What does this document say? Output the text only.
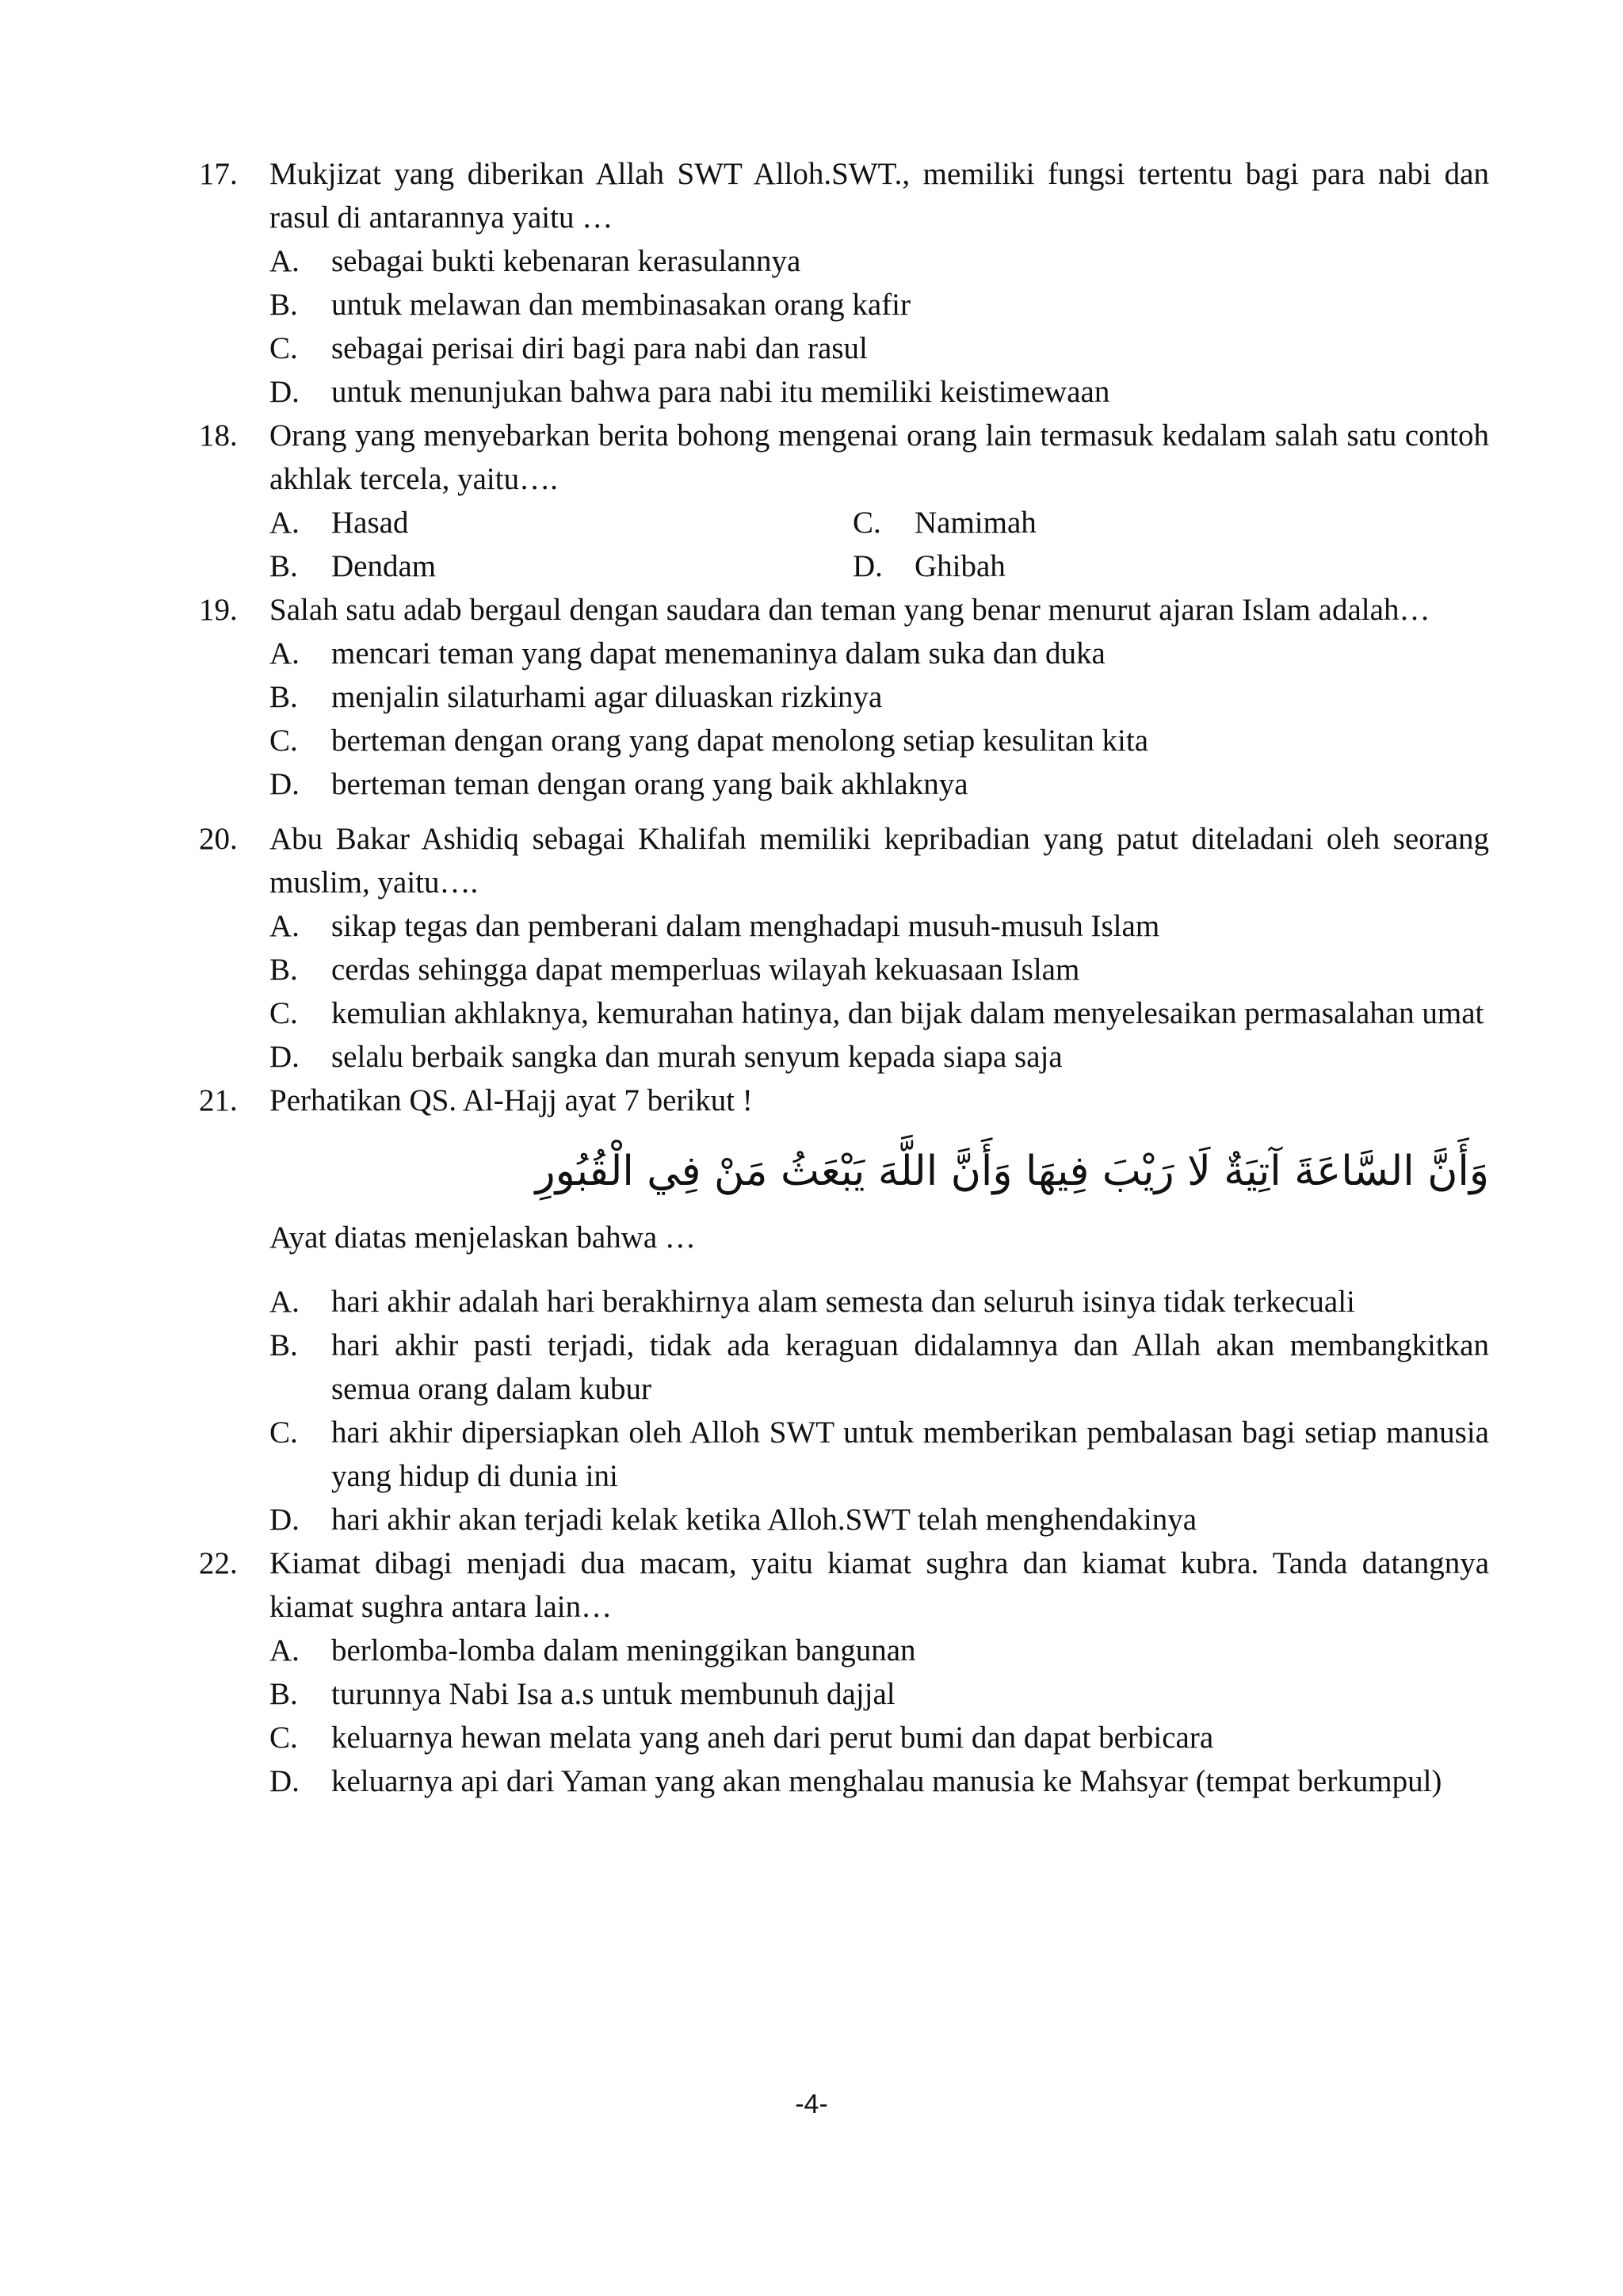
17. Mukjizat yang diberikan Allah SWT Alloh.SWT., memiliki fungsi tertentu bagi para nabi dan rasul di antarannya yaitu …
A. sebagai bukti kebenaran kerasulannya
B. untuk melawan dan membinasakan orang kafir
C. sebagai perisai diri bagi para nabi dan rasul
D. untuk menunjukan bahwa para nabi itu memiliki keistimewaan
18. Orang yang menyebarkan berita bohong mengenai orang lain termasuk kedalam salah satu contoh akhlak tercela, yaitu….
A. Hasad	C. Namimah
B. Dendam	D. Ghibah
19. Salah satu adab bergaul dengan saudara dan teman yang benar menurut ajaran Islam adalah…
A. mencari teman yang dapat menemaninya dalam suka dan duka
B. menjalin silaturhami agar diluaskan rizkinya
C. berteman dengan orang yang dapat menolong setiap kesulitan kita
D. berteman teman dengan orang yang baik akhlaknya
20. Abu Bakar Ashidiq sebagai Khalifah memiliki kepribadian yang patut diteladani oleh seorang muslim, yaitu….
A. sikap tegas dan pemberani dalam menghadapi musuh-musuh Islam
B. cerdas sehingga dapat memperluas wilayah kekuasaan Islam
C. kemulian akhlaknya, kemurahan hatinya, dan bijak dalam menyelesaikan permasalahan umat
D. selalu berbaik sangka dan murah senyum kepada siapa saja
21. Perhatikan QS. Al-Hajj ayat 7 berikut !
وَأَنَّ السَّاعَةَ آتِيَةٌ لَا رَيْبَ فِيهَا وَأَنَّ اللَّهَ يَبْعَثُ مَنْ فِي الْقُبُورِ
Ayat diatas menjelaskan bahwa …
A. hari akhir adalah hari berakhirnya alam semesta dan seluruh isinya tidak terkecuali
B. hari akhir pasti terjadi, tidak ada keraguan didalamnya dan Allah akan membangkitkan semua orang dalam kubur
C. hari akhir dipersiapkan oleh Alloh SWT untuk memberikan pembalasan bagi setiap manusia yang hidup di dunia ini
D. hari akhir akan terjadi kelak ketika Alloh.SWT telah menghendakinya
22. Kiamat dibagi menjadi dua macam, yaitu kiamat sughra dan kiamat kubra. Tanda datangnya kiamat sughra antara lain…
A. berlomba-lomba dalam meninggikan bangunan
B. turunnya Nabi Isa a.s untuk membunuh dajjal
C. keluarnya hewan melata yang aneh dari perut bumi dan dapat berbicara
D. keluarnya api dari Yaman yang akan menghalau manusia ke Mahsyar (tempat berkumpul)
-4-
